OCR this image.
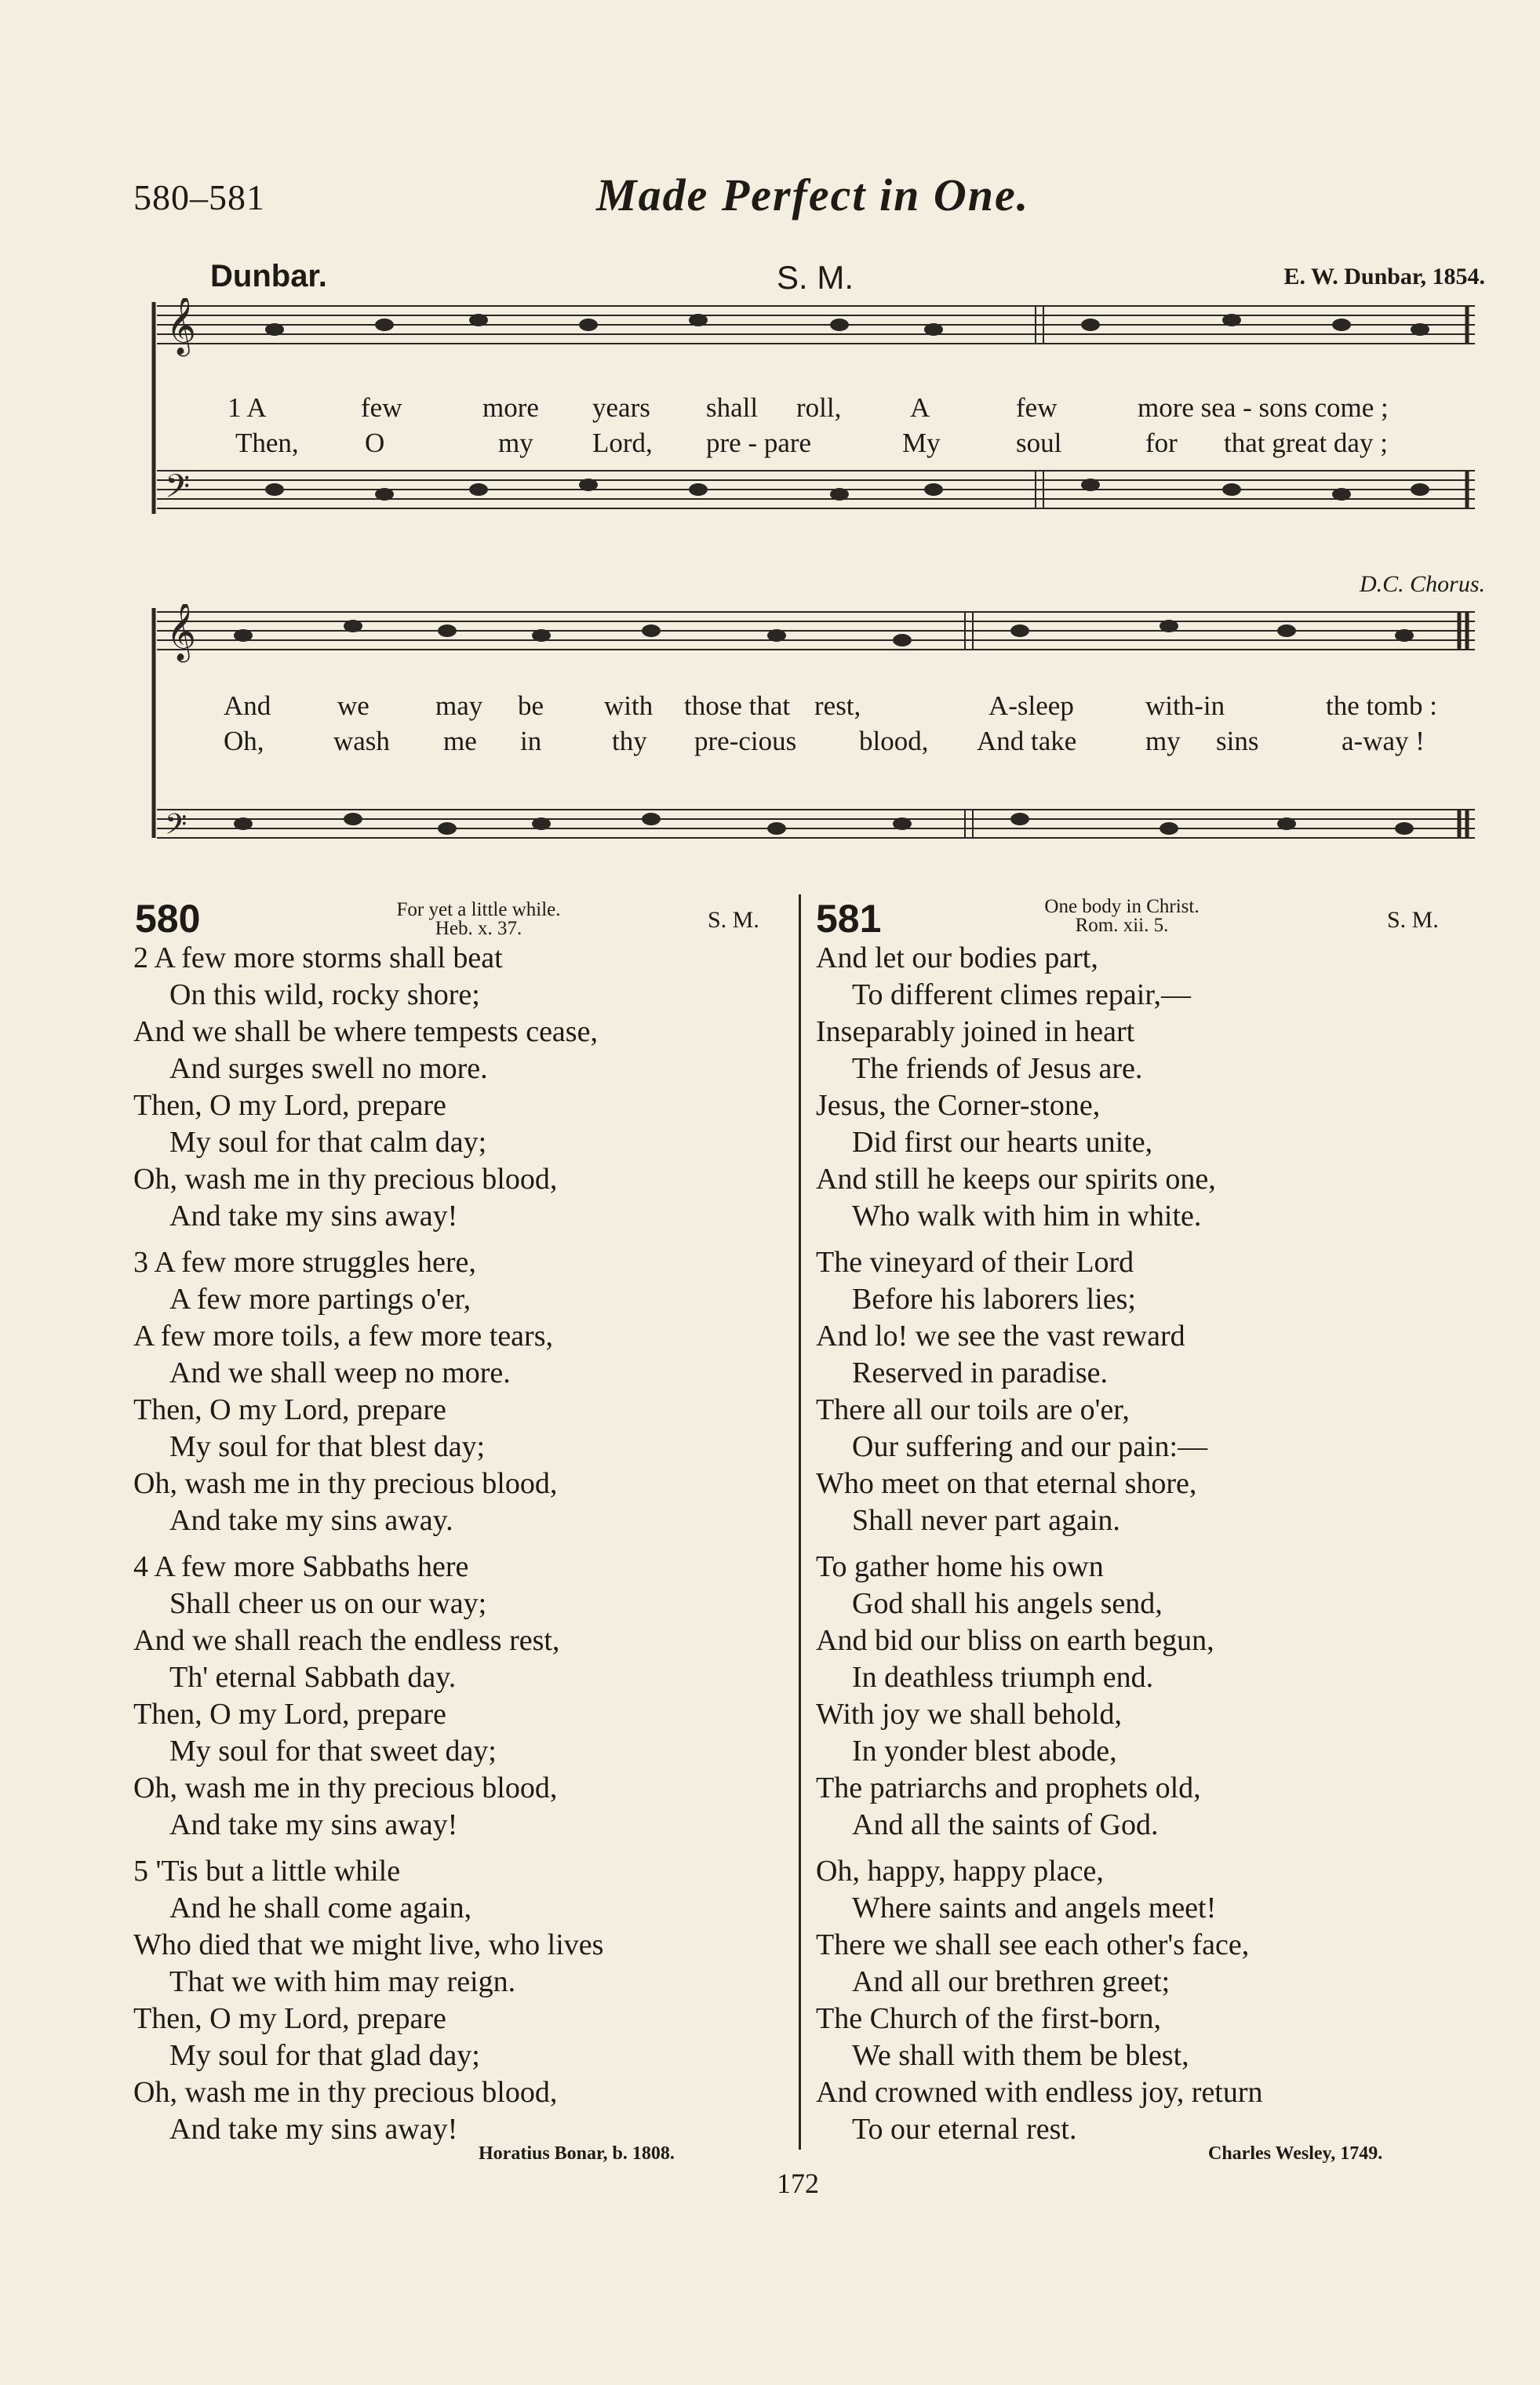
580–581	Made Perfect in One.
Dunbar.	S. M.	E. W. Dunbar, 1854.
D.C. Chorus.
𝄞
𝄢
1 A	few	more years shall roll,	A	few	more sea - sons come ;
Then, O	my Lord, pre - pare	My	soul	for that great day ;
𝄞
𝄢
And we may be with those that rest,	A-sleep	with-in	the tomb :
Oh,	wash me in	thy pre-cious blood, And take	my sins	a-way !
580	For yet a little while.
Heb. x. 37.	S. M.
2 A few more storms shall beat
On this wild, rocky shore;
And we shall be where tempests cease,
And surges swell no more.
Then, O my Lord, prepare
My soul for that calm day;
Oh, wash me in thy precious blood,
And take my sins away!
3 A few more struggles here,
A few more partings o'er,
A few more toils, a few more tears,
And we shall weep no more.
Then, O my Lord, prepare
My soul for that blest day;
Oh, wash me in thy precious blood,
And take my sins away.
4 A few more Sabbaths here
Shall cheer us on our way;
And we shall reach the endless rest,
Th' eternal Sabbath day.
Then, O my Lord, prepare
My soul for that sweet day;
Oh, wash me in thy precious blood,
And take my sins away!
5 'Tis but a little while
And he shall come again,
Who died that we might live, who lives
That we with him may reign.
Then, O my Lord, prepare
My soul for that glad day;
Oh, wash me in thy precious blood,
And take my sins away!
Horatius Bonar, b. 1808.
581	One body in Christ.
Rom. xii. 5.	S. M.
And let our bodies part,
To different climes repair,—
Inseparably joined in heart
The friends of Jesus are.
Jesus, the Corner-stone,
Did first our hearts unite,
And still he keeps our spirits one,
Who walk with him in white.
The vineyard of their Lord
Before his laborers lies;
And lo! we see the vast reward
Reserved in paradise.
There all our toils are o'er,
Our suffering and our pain:—
Who meet on that eternal shore,
Shall never part again.
To gather home his own
God shall his angels send,
And bid our bliss on earth begun,
In deathless triumph end.
With joy we shall behold,
In yonder blest abode,
The patriarchs and prophets old,
And all the saints of God.
Oh, happy, happy place,
Where saints and angels meet!
There we shall see each other's face,
And all our brethren greet;
The Church of the first-born,
We shall with them be blest,
And crowned with endless joy, return
To our eternal rest.
Charles Wesley, 1749.
172
